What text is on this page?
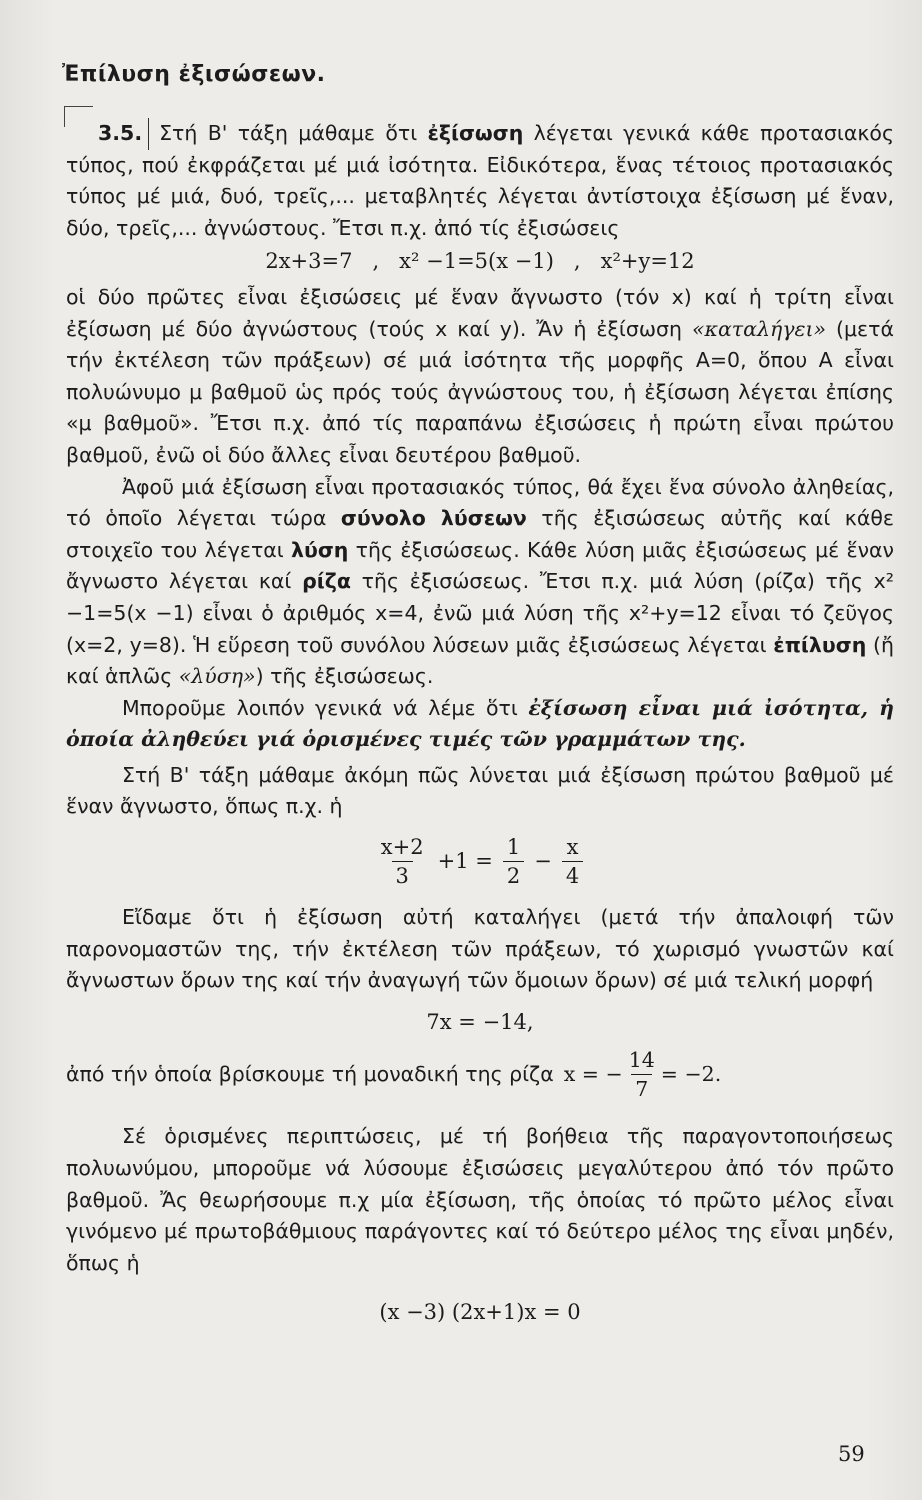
Ἐπίλυση ἐξισώσεων.

3.5. Στή Β' τάξη μάθαμε ὅτι ἐξίσωση λέγεται γενικά κάθε προτασιακός τύπος, πού ἐκφράζεται μέ μιά ἰσότητα. Εἰδικότερα, ἕνας τέτοιος προτασιακός τύπος μέ μιά, δυό, τρεῖς,... μεταβλητές λέγεται ἀντίστοιχα ἐξίσωση μέ ἕναν, δύο, τρεῖς,... ἀγνώστους. Ἔτσι π.χ. ἀπό τίς ἐξισώσεις

2x+3=7   ,   x² −1=5(x −1)   ,   x²+y=12

οἱ δύο πρῶτες εἶναι ἐξισώσεις μέ ἕναν ἄγνωστο (τόν x) καί ἡ τρίτη εἶναι ἐξίσωση μέ δύο ἀγνώστους (τούς x καί y). Ἄν ἡ ἐξίσωση «καταλήγει» (μετά τήν ἐκτέλεση τῶν πράξεων) σέ μιά ἰσότητα τῆς μορφῆς A=0, ὅπου A εἶναι πολυώνυμο μ βαθμοῦ ὡς πρός τούς ἀγνώστους του, ἡ ἐξίσωση λέγεται ἐπίσης «μ βαθμοῦ». Ἔτσι π.χ. ἀπό τίς παραπάνω ἐξισώσεις ἡ πρώτη εἶναι πρώτου βαθμοῦ, ἐνῶ οἱ δύο ἄλλες εἶναι δευτέρου βαθμοῦ.

Ἀφοῦ μιά ἐξίσωση εἶναι προτασιακός τύπος, θά ἔχει ἕνα σύνολο ἀληθείας, τό ὁποῖο λέγεται τώρα σύνολο λύσεων τῆς ἐξισώσεως αὐτῆς καί κάθε στοιχεῖο του λέγεται λύση τῆς ἐξισώσεως. Κάθε λύση μιᾶς ἐξισώσεως μέ ἕναν ἄγνωστο λέγεται καί ρίζα τῆς ἐξισώσεως. Ἔτσι π.χ. μιά λύση (ρίζα) τῆς x² −1=5(x −1) εἶναι ὁ ἀριθμός x=4, ἐνῶ μιά λύση τῆς x²+y=12 εἶναι τό ζεῦγος (x=2, y=8). Ἡ εὕρεση τοῦ συνόλου λύσεων μιᾶς ἐξισώσεως λέγεται ἐπίλυση (ἤ καί ἁπλῶς «λύση») τῆς ἐξισώσεως.

Μποροῦμε λοιπόν γενικά νά λέμε ὅτι ἐξίσωση εἶναι μιά ἰσότητα, ἡ ὁποία ἀληθεύει γιά ὁρισμένες τιμές τῶν γραμμάτων της.

Στή Β' τάξη μάθαμε ἀκόμη πῶς λύνεται μιά ἐξίσωση πρώτου βαθμοῦ μέ ἕναν ἄγνωστο, ὅπως π.χ. ἡ

$\frac{x+2}{3} +1 = \frac{1}{2} - \frac{x}{4}$

Εἴδαμε ὅτι ἡ ἐξίσωση αὐτή καταλήγει (μετά τήν ἀπαλοιφή τῶν παρονομαστῶν της, τήν ἐκτέλεση τῶν πράξεων, τό χωρισμό γνωστῶν καί ἄγνωστων ὅρων της καί τήν ἀναγωγή τῶν ὅμοιων ὅρων) σέ μιά τελική μορφή

7x = −14,
ἀπό τήν ὁποία βρίσκουμε τή μοναδική της ρίζα x = − $\frac{14}{7} = -2$.

Σέ ὁρισμένες περιπτώσεις, μέ τή βοήθεια τῆς παραγοντοποιήσεως πολυωνύμου, μποροῦμε νά λύσουμε ἐξισώσεις μεγαλύτερου ἀπό τόν πρῶτο βαθμοῦ. Ἄς θεωρήσουμε π.χ μία ἐξίσωση, τῆς ὁποίας τό πρῶτο μέλος εἶναι γινόμενο μέ πρωτοβάθμιους παράγοντες καί τό δεύτερο μέλος της εἶναι μηδέν, ὅπως ἡ

(x −3) (2x+1)x = 0
59
